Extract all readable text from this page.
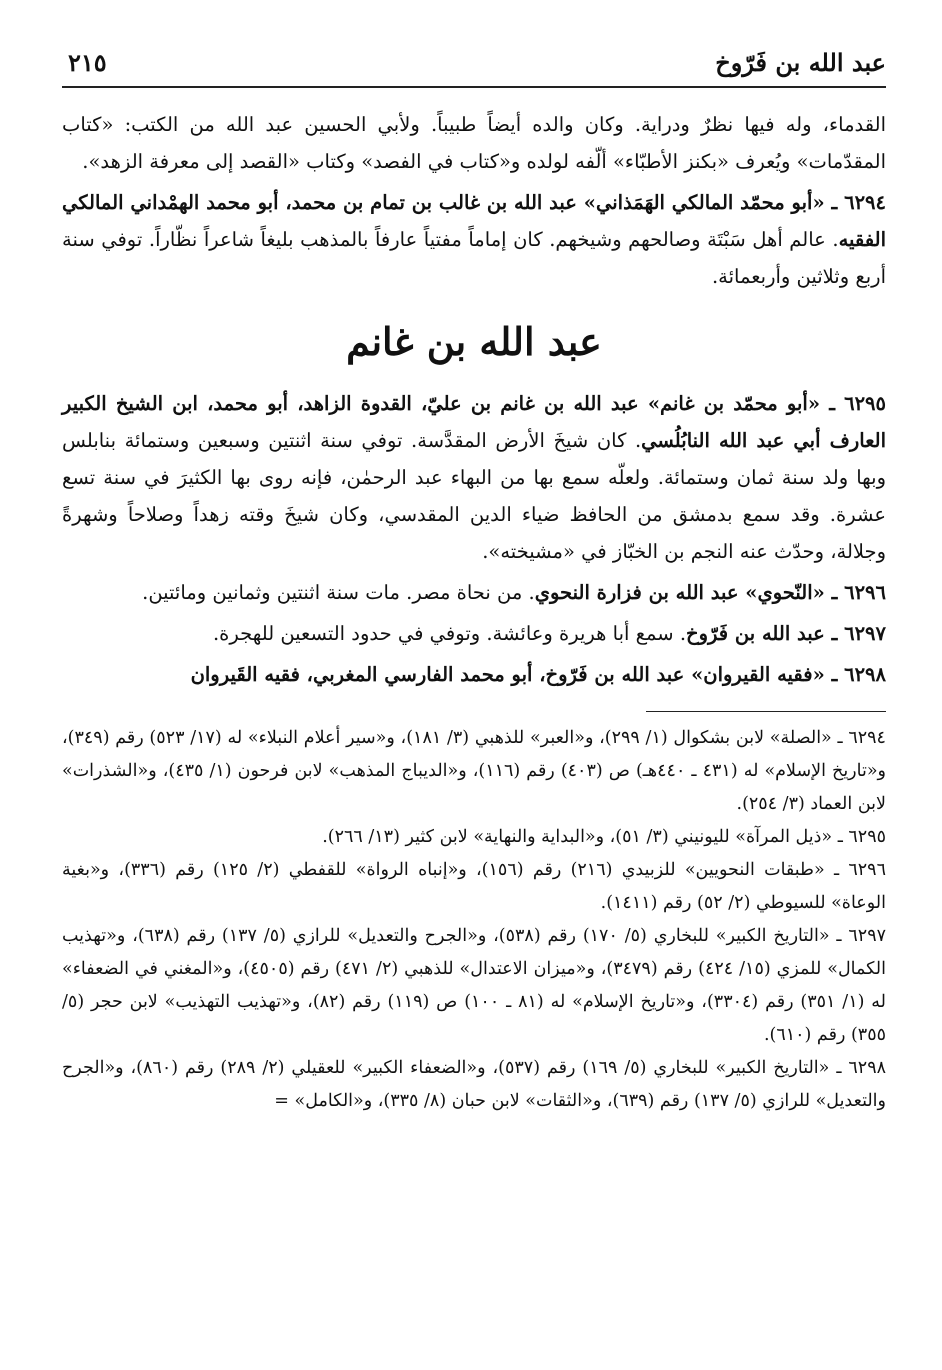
عبد الله بن فَرّوخ
٢١٥

القدماء، وله فيها نظرٌ ودراية. وكان والده أيضاً طبيباً. ولأبي الحسين عبد الله من الكتب: «كتاب المقدّمات» ويُعرف «بكنز الأطبّاء» ألّفه لولده و«كتاب في الفصد» وكتاب «القصد إلى معرفة الزهد».

٦٢٩٤ ـ «أبو محمّد المالكي الهَمَذاني» عبد الله بن غالب بن تمام بن محمد، أبو محمد الهمْداني المالكي الفقيه. عالم أهل سَبْتَة وصالحهم وشيخهم. كان إماماً مفتياً عارفاً بالمذهب بليغاً شاعراً نظّاراً. توفي سنة أربع وثلاثين وأربعمائة.

عبد الله بن غانم

٦٢٩٥ ـ «أبو محمّد بن غانم» عبد الله بن غانم بن عليّ، القدوة الزاهد، أبو محمد، ابن الشيخ الكبير العارف أبي عبد الله النابُلُسي. كان شيخَ الأرض المقدَّسة. توفي سنة اثنتين وسبعين وستمائة بنابلس وبها ولد سنة ثمان وستمائة. ولعلّه سمع بها من البهاء عبد الرحمٰن، فإنه روى بها الكثيرَ في سنة تسع عشرة. وقد سمع بدمشق من الحافظ ضياء الدين المقدسي، وكان شيخَ وقته زهداً وصلاحاً وشهرةً وجلالة، وحدّث عنه النجم بن الخبّاز في «مشيخته».

٦٢٩٦ ـ «النّحوي» عبد الله بن فزارة النحوي. من نحاة مصر. مات سنة اثنتين وثمانين ومائتين.

٦٢٩٧ ـ عبد الله بن فَرّوخ. سمع أبا هريرة وعائشة. وتوفي في حدود التسعين للهجرة.

٦٢٩٨ ـ «فقيه القيروان» عبد الله بن فَرّوخ، أبو محمد الفارسي المغربي، فقيه القَيروان

٦٢٩٤ ـ «الصلة» لابن بشكوال (١/ ٢٩٩)، و«العبر» للذهبي (٣/ ١٨١)، و«سير أعلام النبلاء» له (١٧/ ٥٢٣) رقم (٣٤٩)، و«تاريخ الإسلام» له (٤٣١ ـ ٤٤٠هـ) ص (٤٠٣) رقم (١١٦)، و«الديباج المذهب» لابن فرحون (١/ ٤٣٥)، و«الشذرات» لابن العماد (٣/ ٢٥٤).

٦٢٩٥ ـ «ذيل المرآة» لليونيني (٣/ ٥١)، و«البداية والنهاية» لابن كثير (١٣/ ٢٦٦).

٦٢٩٦ ـ «طبقات النحويين» للزبيدي (٢١٦) رقم (١٥٦)، و«إنباه الرواة» للقفطي (٢/ ١٢٥) رقم (٣٣٦)، و«بغية الوعاة» للسيوطي (٢/ ٥٢) رقم (١٤١١).

٦٢٩٧ ـ «التاريخ الكبير» للبخاري (٥/ ١٧٠) رقم (٥٣٨)، و«الجرح والتعديل» للرازي (٥/ ١٣٧) رقم (٦٣٨)، و«تهذيب الكمال» للمزي (١٥/ ٤٢٤) رقم (٣٤٧٩)، و«ميزان الاعتدال» للذهبي (٢/ ٤٧١) رقم (٤٥٠٥)، و«المغني في الضعفاء» له (١/ ٣٥١) رقم (٣٣٠٤)، و«تاريخ الإسلام» له (٨١ ـ ١٠٠) ص (١١٩) رقم (٨٢)، و«تهذيب التهذيب» لابن حجر (٥/ ٣٥٥) رقم (٦١٠).

٦٢٩٨ ـ «التاريخ الكبير» للبخاري (٥/ ١٦٩) رقم (٥٣٧)، و«الضعفاء الكبير» للعقيلي (٢/ ٢٨٩) رقم (٨٦٠)، و«الجرح والتعديل» للرازي (٥/ ١٣٧) رقم (٦٣٩)، و«الثقات» لابن حبان (٨/ ٣٣٥)، و«الكامل» =
